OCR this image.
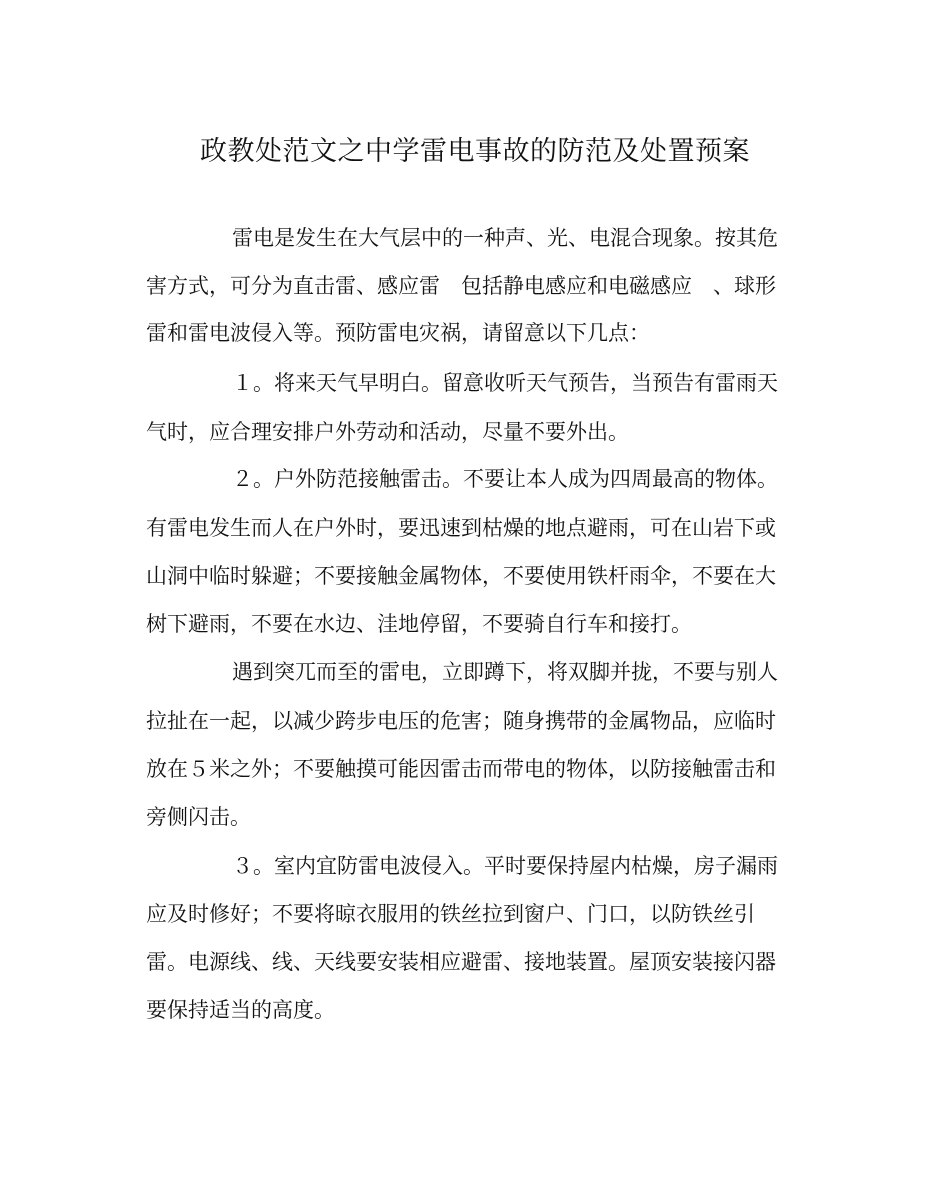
政教处范文之中学雷电事故的防范及处置预案
雷电是发生在大气层中的一种声、光、电混合现象。按其危
害方式，可分为直击雷、感应雷　包括静电感应和电磁感应　、球形
雷和雷电波侵入等。预防雷电灾祸，请留意以下几点：
１。将来天气早明白。留意收听天气预告，当预告有雷雨天
气时，应合理安排户外劳动和活动，尽量不要外出。
２。户外防范接触雷击。不要让本人成为四周最高的物体。
有雷电发生而人在户外时，要迅速到枯燥的地点避雨，可在山岩下或
山洞中临时躲避；不要接触金属物体，不要使用铁杆雨伞，不要在大
树下避雨，不要在水边、洼地停留，不要骑自行车和接打。
遇到突兀而至的雷电，立即蹲下，将双脚并拢，不要与别人
拉扯在一起，以减少跨步电压的危害；随身携带的金属物品，应临时
放在５米之外；不要触摸可能因雷击而带电的物体，以防接触雷击和
旁侧闪击。
３。室内宜防雷电波侵入。平时要保持屋内枯燥，房子漏雨
应及时修好；不要将晾衣服用的铁丝拉到窗户、门口，以防铁丝引
雷。电源线、线、天线要安装相应避雷、接地装置。屋顶安装接闪器
要保持适当的高度。
